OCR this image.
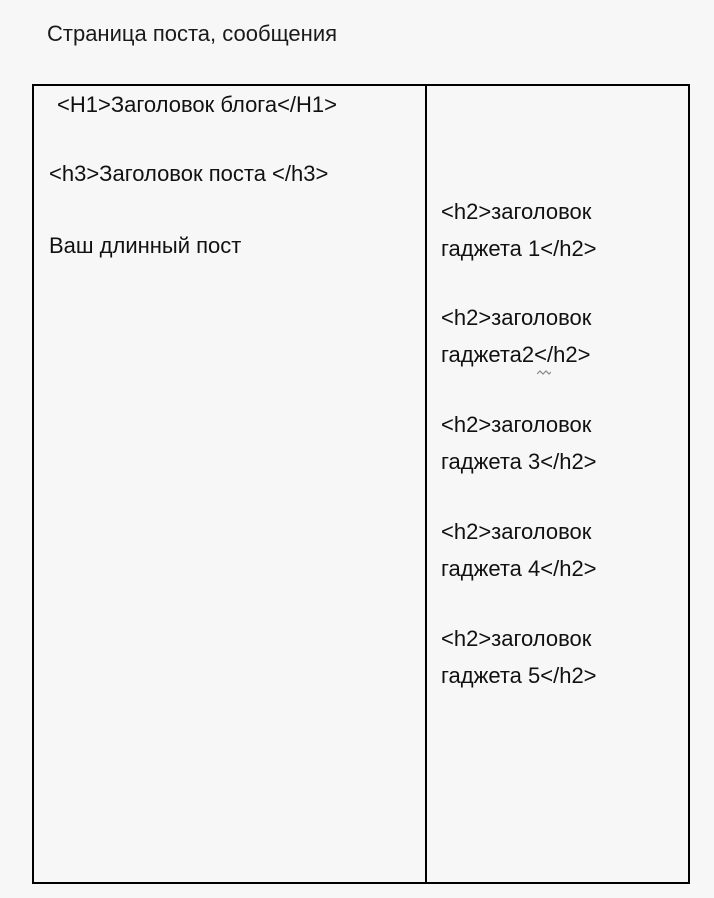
Страница поста, сообщения
<H1>Заголовок блога</H1>
<h3>Заголовок поста </h3>
Ваш длинный пост
<h2>заголовок
гаджета 1</h2>
<h2>заголовок
гаджета2</h2>
<h2>заголовок
гаджета 3</h2>
<h2>заголовок
гаджета 4</h2>
<h2>заголовок
гаджета 5</h2>
